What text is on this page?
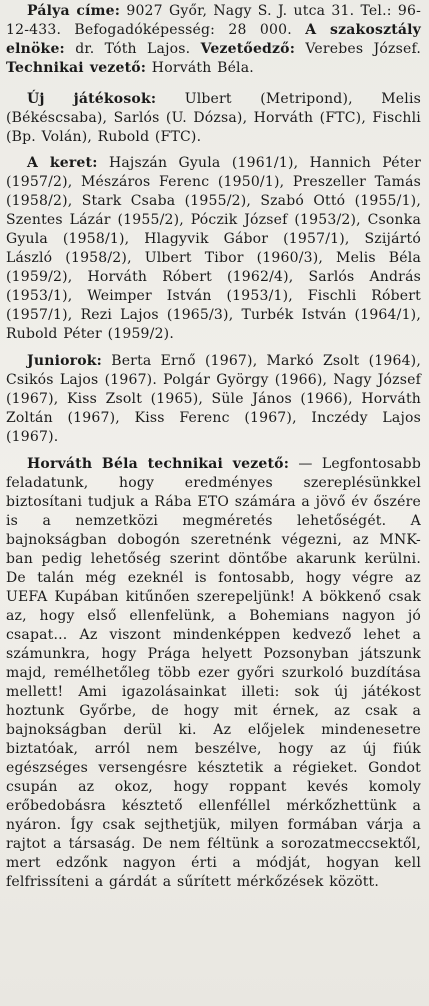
Pálya címe: 9027 Győr, Nagy S. J. utca 31. Tel.: 96-12-433. Befogadóképesség: 28 000. A szakosztály elnöke: dr. Tóth Lajos. Vezetőedző: Verebes József. Technikai vezető: Horváth Béla.

Új játékosok: Ulbert (Metripond), Melis (Békéscsaba), Sarlós (U. Dózsa), Horváth (FTC), Fischli (Bp. Volán), Rubold (FTC).

A keret: Hajszán Gyula (1961/1), Hannich Péter (1957/2), Mészáros Ferenc (1950/1), Preszeller Tamás (1958/2), Stark Csaba (1955/2), Szabó Ottó (1955/1), Szentes Lázár (1955/2), Póczik József (1953/2), Csonka Gyula (1958/1), Hlagyvik Gábor (1957/1), Szijártó László (1958/2), Ulbert Tibor (1960/3), Melis Béla (1959/2), Horváth Róbert (1962/4), Sarlós András (1953/1), Weimper István (1953/1), Fischli Róbert (1957/1), Rezi Lajos (1965/3), Turbék István (1964/1), Rubold Péter (1959/2).

Juniorok: Berta Ernő (1967), Markó Zsolt (1964), Csikós Lajos (1967). Polgár György (1966), Nagy József (1967), Kiss Zsolt (1965), Süle János (1966), Horváth Zoltán (1967), Kiss Ferenc (1967), Inczédy Lajos (1967).

Horváth Béla technikai vezető: — Legfontosabb feladatunk, hogy eredményes szereplésünkkel biztosítani tudjuk a Rába ETO számára a jövő év őszére is a nemzetközi megméretés lehetőségét. A bajnokságban dobogón szeretnénk végezni, az MNK-ban pedig lehetőség szerint döntőbe akarunk kerülni. De talán még ezeknél is fontosabb, hogy végre az UEFA Kupában kitűnően szerepeljünk! A bökkenő csak az, hogy első ellenfelünk, a Bohemians nagyon jó csapat... Az viszont mindenképpen kedvező lehet a számunkra, hogy Prága helyett Pozsonyban játszunk majd, remélhetőleg több ezer győri szurkoló buzdítása mellett! Ami igazolásainkat illeti: sok új játékost hoztunk Győrbe, de hogy mit érnek, az csak a bajnokságban derül ki. Az előjelek mindenesetre biztatóak, arról nem beszélve, hogy az új fiúk egészséges versengésre késztetik a régieket. Gondot csupán az okoz, hogy roppant kevés komoly erőbedobásra késztető ellenféllel mérkőzhettünk a nyáron. Így csak sejthetjük, milyen formában várja a rajtot a társaság. De nem féltünk a sorozatmeccsektől, mert edzőnk nagyon érti a módját, hogyan kell felfrissíteni a gárdát a sűrített mérkőzések között.
